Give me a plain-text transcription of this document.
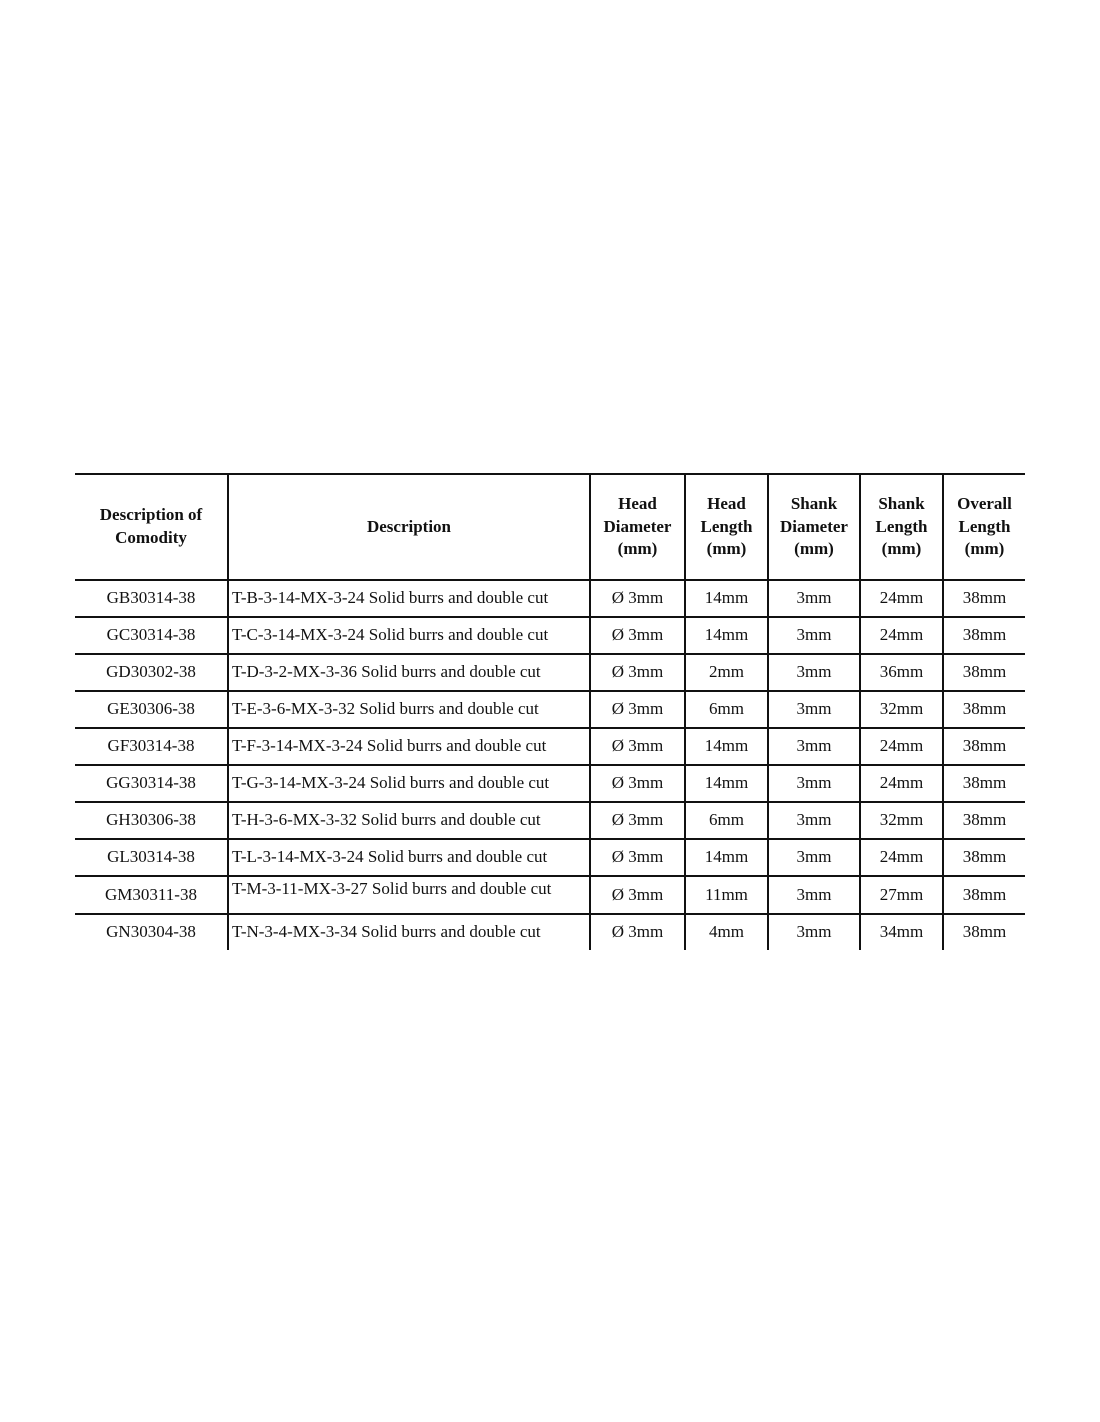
Description of
Comodity	Description	Head
Diameter
(mm)	Head
Length
(mm)	Shank
Diameter
(mm)	Shank
Length
(mm)	Overall
Length
(mm)

GB30314-38	T-B-3-14-MX-3-24 Solid burrs and double cut	Ø 3mm	14mm	3mm	24mm	38mm
GC30314-38	T-C-3-14-MX-3-24 Solid burrs and double cut	Ø 3mm	14mm	3mm	24mm	38mm
GD30302-38	T-D-3-2-MX-3-36 Solid burrs and double cut	Ø 3mm	2mm	3mm	36mm	38mm
GE30306-38	T-E-3-6-MX-3-32 Solid burrs and double cut	Ø 3mm	6mm	3mm	32mm	38mm
GF30314-38	T-F-3-14-MX-3-24 Solid burrs and double cut	Ø 3mm	14mm	3mm	24mm	38mm
GG30314-38	T-G-3-14-MX-3-24 Solid burrs and double cut	Ø 3mm	14mm	3mm	24mm	38mm
GH30306-38	T-H-3-6-MX-3-32 Solid burrs and double cut	Ø 3mm	6mm	3mm	32mm	38mm
GL30314-38	T-L-3-14-MX-3-24 Solid burrs and double cut	Ø 3mm	14mm	3mm	24mm	38mm
GM30311-38	T-M-3-11-MX-3-27 Solid burrs and double cut	Ø 3mm	11mm	3mm	27mm	38mm
GN30304-38	T-N-3-4-MX-3-34 Solid burrs and double cut	Ø 3mm	4mm	3mm	34mm	38mm
